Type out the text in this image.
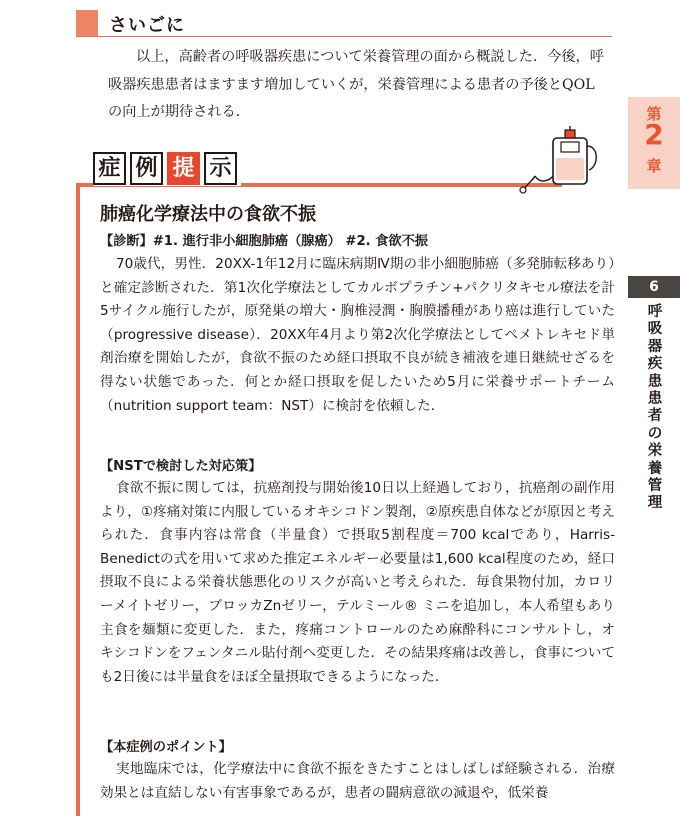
さいごに

以上，高齢者の呼吸器疾患について栄養管理の面から概説した．今後，呼吸器疾患患者はますます増加していくが，栄養管理による患者の予後とQOLの向上が期待される．	第
2
章
6
呼
吸
器
疾
患
患
者
の
栄
養
管
理
症 例 提 示
肺癌化学療法中の食欲不振
【診断】#1. 進行非小細胞肺癌（腺癌） #2. 食欲不振

70歳代，男性．20XX-1年12月に臨床病期Ⅳ期の非小細胞肺癌（多発肺転移あり）と確定診断された．第1次化学療法としてカルボプラチン+パクリタキセル療法を計5サイクル施行したが，原発巣の増大・胸椎浸潤・胸膜播種があり癌は進行していた（progressive disease）．20XX年4月より第2次化学療法としてペメトレキセド単剤治療を開始したが，食欲不振のため経口摂取不良が続き補液を連日継続せざるを得ない状態であった．何とか経口摂取を促したいため5月に栄養サポートチーム（nutrition support team：NST）に検討を依頼した．

【NSTで検討した対応策】

食欲不振に関しては，抗癌剤投与開始後10日以上経過しており，抗癌剤の副作用より，①疼痛対策に内服しているオキシコドン製剤，②原疾患自体などが原因と考えられた．食事内容は常食（半量食）で摂取5割程度＝700 kcalであり，Harris-Benedictの式を用いて求めた推定エネルギー必要量は1,600 kcal程度のため，経口摂取不良による栄養状態悪化のリスクが高いと考えられた．毎食果物付加，カロリーメイトゼリー，ブロッカZnゼリー，テルミール® ミニを追加し，本人希望もあり主食を麺類に変更した．また，疼痛コントロールのため麻酔科にコンサルトし，オキシコドンをフェンタニル貼付剤へ変更した．その結果疼痛は改善し，食事についても2日後には半量食をほぼ全量摂取できるようになった．

【本症例のポイント】

実地臨床では，化学療法中に食欲不振をきたすことはしばしば経験される．治療効果とは直結しない有害事象であるが，患者の闘病意欲の減退や，低栄養
